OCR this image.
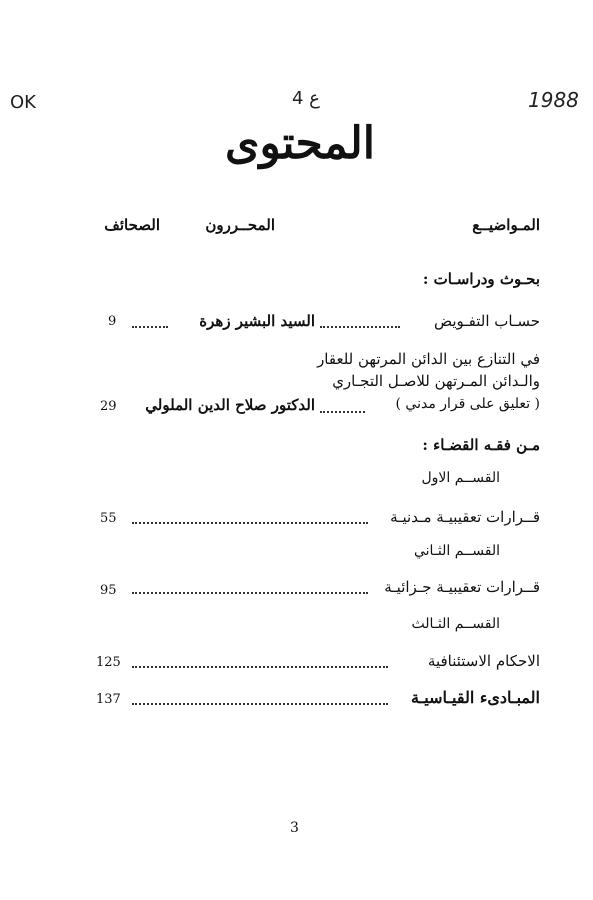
OK	ع 4	1988
المحتوى
المـواضيــع
المحــررون
الصحائف
بحـوث ودراسـات :
حسـاب التفـويض
السيد البشير زهرة
9
في التنازع بين الدائن المرتهن للعقار
والـدائن المـرتهن للاصـل التجـاري
( تعليق على قرار مدني )
الدكتور صلاح الدين الملولي
29
مـن فقـه القضـاء :
القســم الاول
قــرارات تعقيبيـة مـدنيـة
55
القســم الثـاني
قــرارات تعقيبيـة جـزائيـة
95
القســم الثـالث
الاحكام الاستئنافية
125
المبـادىء القيـاسيـة
137
3
